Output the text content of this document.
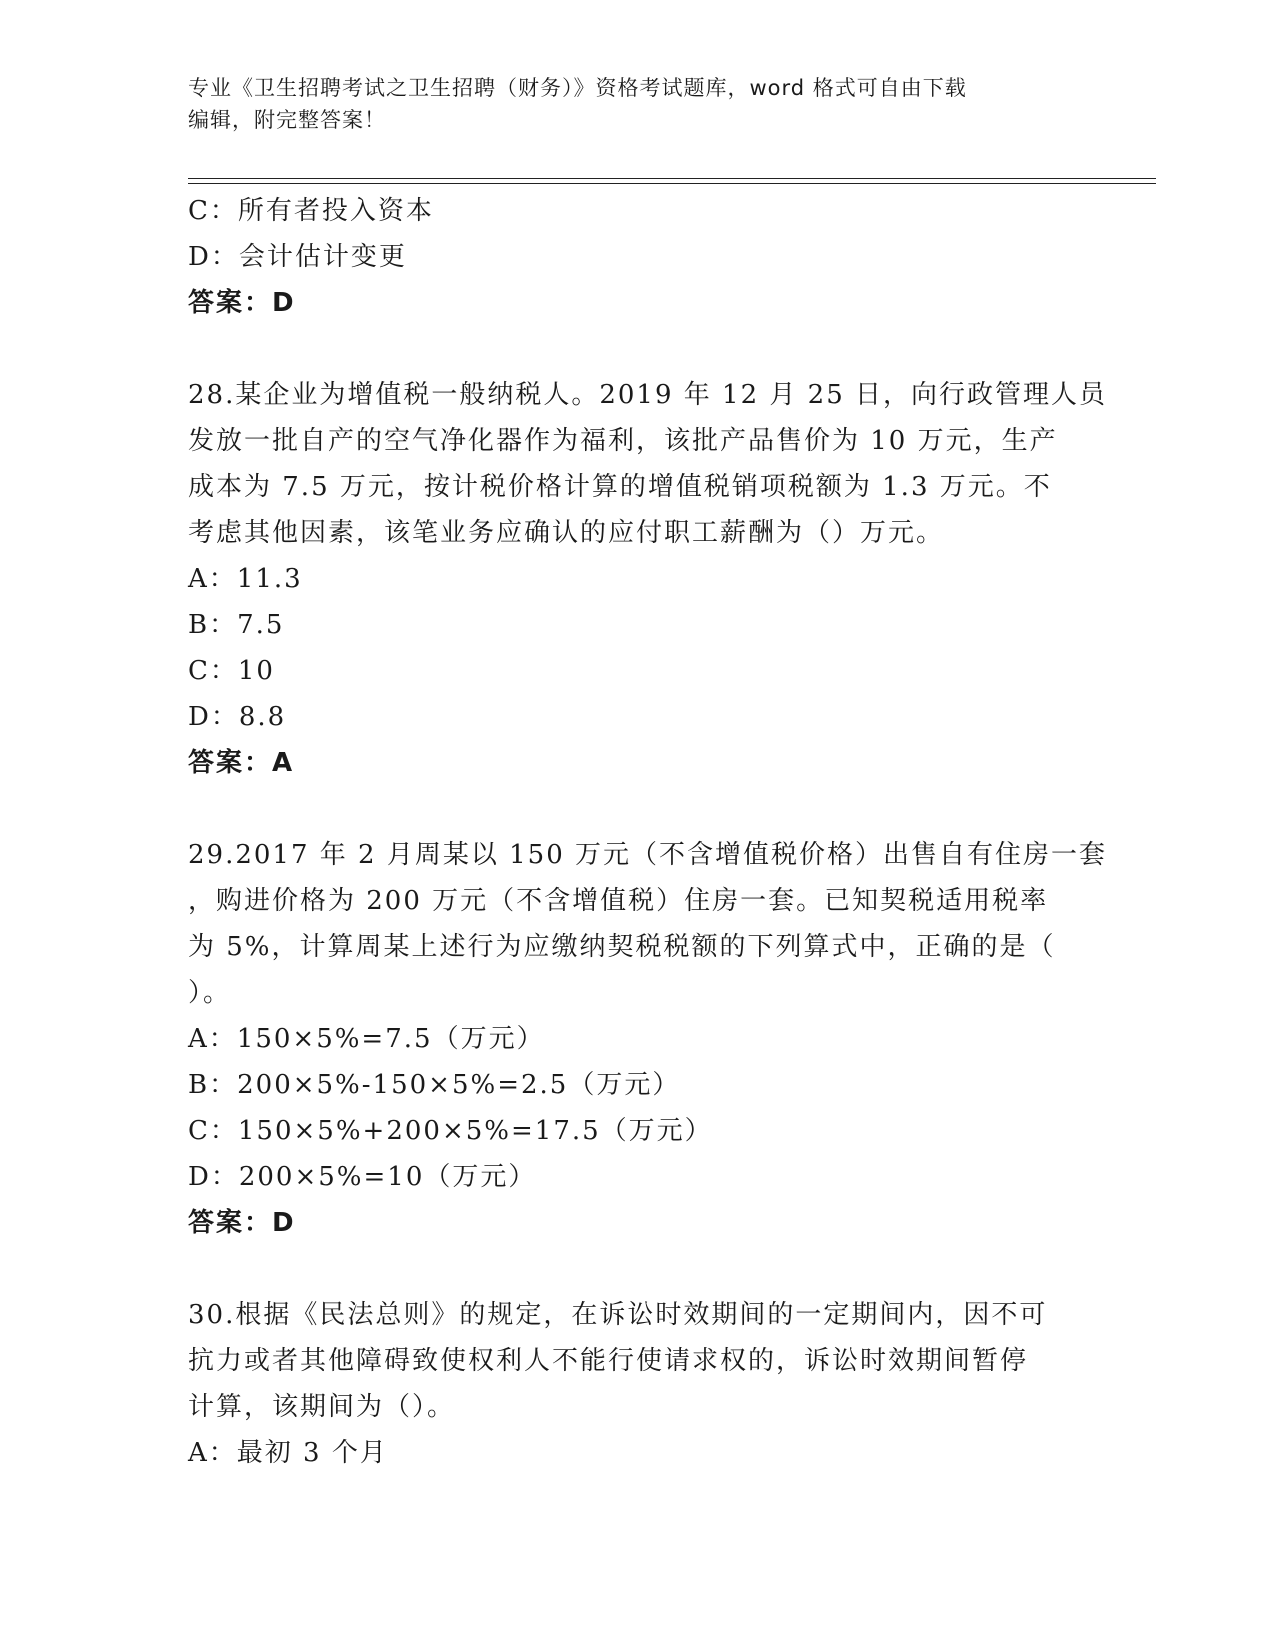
专业《卫生招聘考试之卫生招聘（财务）》资格考试题库，word 格式可自由下载
编辑，附完整答案！
C：所有者投入资本
D：会计估计变更
答案：D
28.某企业为增值税一般纳税人。2019 年 12 月 25 日，向行政管理人员
发放一批自产的空气净化器作为福利，该批产品售价为 10 万元，生产
成本为 7.5 万元，按计税价格计算的增值税销项税额为 1.3 万元。不
考虑其他因素，该笔业务应确认的应付职工薪酬为（）万元。
A：11.3
B：7.5
C：10
D：8.8
答案：A
29.2017 年 2 月周某以 150 万元（不含增值税价格）出售自有住房一套
，购进价格为 200 万元（不含增值税）住房一套。已知契税适用税率
为 5%，计算周某上述行为应缴纳契税税额的下列算式中，正确的是（
）。
A：150×5%=7.5（万元）
B：200×5%-150×5%=2.5（万元）
C：150×5%+200×5%=17.5（万元）
D：200×5%=10（万元）
答案：D
30.根据《民法总则》的规定，在诉讼时效期间的一定期间内，因不可
抗力或者其他障碍致使权利人不能行使请求权的，诉讼时效期间暂停
计算，该期间为（）。
A：最初 3 个月
